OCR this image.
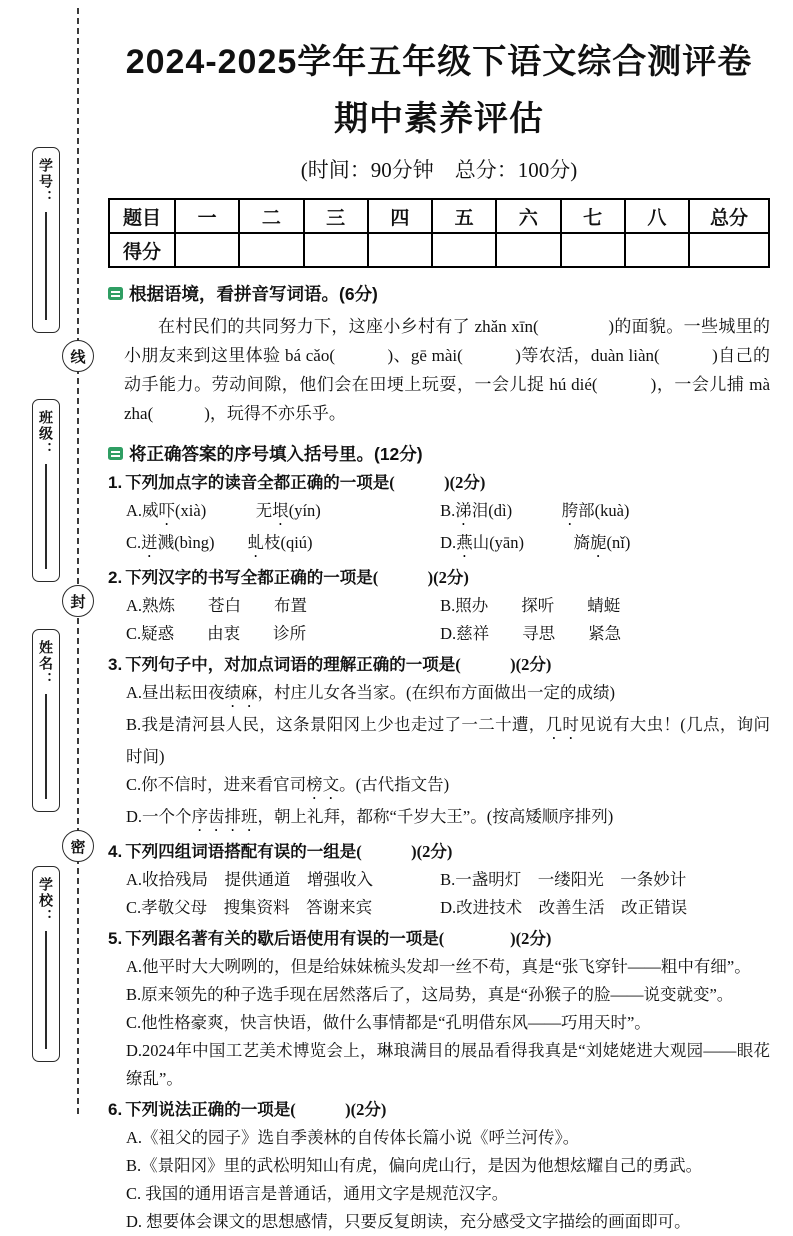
学号：
班级：
姓名：
学校：
线
封
密
2024-2025学年五年级下语文综合测评卷
期中素养评估
(时间：90分钟　总分：100分)
题目	一	二	三	四	五	六	七	八	总分
得分									
根据语境，看拼音写词语。(6分)

在村民们的共同努力下，这座小乡村有了 zhǎn xīn(　　　　)的面貌。一些城里的小朋友来到这里体验 bá cǎo(　　　)、gē mài(　　　)等农活，duàn liàn(　　　)自己的动手能力。劳动间隙，他们会在田埂上玩耍，一会儿捉 hú dié(　　　)，一会儿捕 mà zha(　　　)，玩得不亦乐乎。

将正确答案的序号填入括号里。(12分)
1. 下列加点字的读音全都正确的一项是(　　　)(2分)
A.威吓(xià)　　　无垠(yín)	B.涕泪(dì)　　　胯部(kuà)
C.迸溅(bìng)　　虬枝(qiú)	D.燕山(yān)　　　旖旎(nǐ)
2. 下列汉字的书写全都正确的一项是(　　　)(2分)
A.熟炼　　苍白　　布置	B.照办　　探听　　蜻蜓
C.疑惑　　由衷　　诊所	D.慈祥　　寻思　　紧急
3. 下列句子中，对加点词语的理解正确的一项是(　　　)(2分)
A.昼出耘田夜绩麻，村庄儿女各当家。(在织布方面做出一定的成绩)
B.我是清河县人民，这条景阳冈上少也走过了一二十遭，几时见说有大虫！(几点，询问时间)
C.你不信时，进来看官司榜文。(古代指文告)
D.一个个序齿排班，朝上礼拜，都称“千岁大王”。(按高矮顺序排列)
4. 下列四组词语搭配有误的一组是(　　　)(2分)
A.收拾残局　提供通道　增强收入	B.一盏明灯　一缕阳光　一条妙计
C.孝敬父母　搜集资料　答谢来宾	D.改进技术　改善生活　改正错误
5. 下列跟名著有关的歇后语使用有误的一项是(　　　　)(2分)
A.他平时大大咧咧的，但是给妹妹梳头发却一丝不苟，真是“张飞穿针——粗中有细”。
B.原来领先的种子选手现在居然落后了，这局势，真是“孙猴子的脸——说变就变”。
C.他性格豪爽，快言快语，做什么事情都是“孔明借东风——巧用天时”。
D.2024年中国工艺美术博览会上，琳琅满目的展品看得我真是“刘姥姥进大观园——眼花缭乱”。
6. 下列说法正确的一项是(　　　)(2分)
A.《祖父的园子》选自季羡林的自传体长篇小说《呼兰河传》。
B.《景阳冈》里的武松明知山有虎，偏向虎山行，是因为他想炫耀自己的勇武。
C. 我国的通用语言是普通话，通用文字是规范汉字。
D. 想要体会课文的思想感情，只要反复朗读，充分感受文字描绘的画面即可。
